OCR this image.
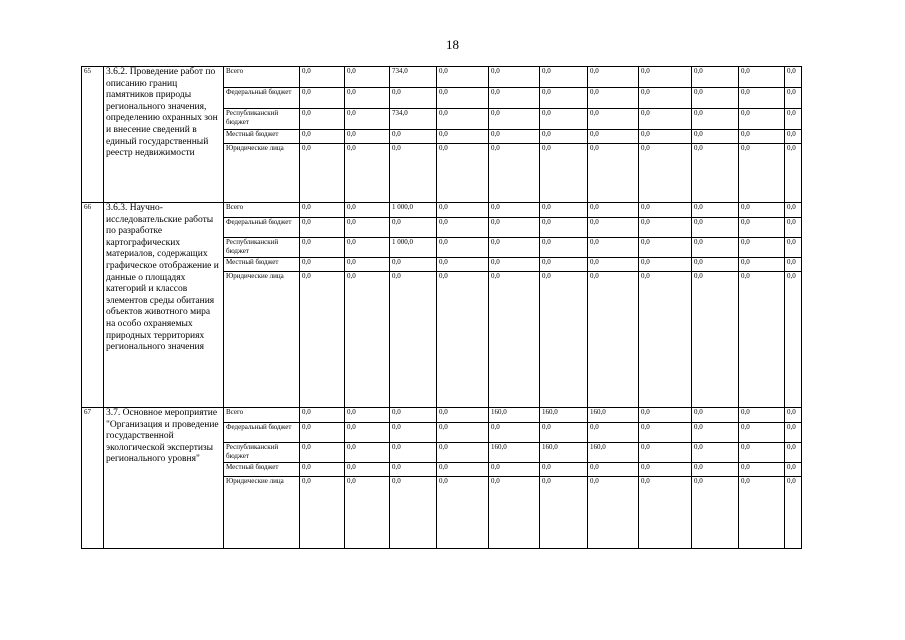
18
65	3.6.2. Проведение работ по описанию границ памятников природы регионального значения, определению охранных зон и внесение сведений в единый государственный реестр недвижимости	Всего	0,0	0,0	734,0	0,0	0,0	0,0	0,0	0,0	0,0	0,0	0,0	
		Федеральный бюджет	0,0	0,0	0,0	0,0	0,0	0,0	0,0	0,0	0,0	0,0	0,0	
		Республиканский бюджет	0,0	0,0	734,0	0,0	0,0	0,0	0,0	0,0	0,0	0,0	0,0	
		Местный бюджет	0,0	0,0	0,0	0,0	0,0	0,0	0,0	0,0	0,0	0,0	0,0	
		Юридические лица	0,0	0,0	0,0	0,0	0,0	0,0	0,0	0,0	0,0	0,0	0,0	
66	3.6.3. Научно-исследовательские работы по разработке картографических материалов, содержащих графическое отображение и данные о площадях категорий и классов элементов среды обитания объектов животного мира на особо охраняемых природных территориях регионального значения	Всего	0,0	0,0	1 000,0	0,0	0,0	0,0	0,0	0,0	0,0	0,0	0,0	
		Федеральный бюджет	0,0	0,0	0,0	0,0	0,0	0,0	0,0	0,0	0,0	0,0	0,0	
		Республиканский бюджет	0,0	0,0	1 000,0	0,0	0,0	0,0	0,0	0,0	0,0	0,0	0,0	
		Местный бюджет	0,0	0,0	0,0	0,0	0,0	0,0	0,0	0,0	0,0	0,0	0,0	
		Юридические лица	0,0	0,0	0,0	0,0	0,0	0,0	0,0	0,0	0,0	0,0	0,0	
67	3.7. Основное мероприятие "Организация и проведение государственной экологической экспертизы регионального уровня"	Всего	0,0	0,0	0,0	0,0	160,0	160,0	160,0	0,0	0,0	0,0	0,0	
		Федеральный бюджет	0,0	0,0	0,0	0,0	0,0	0,0	0,0	0,0	0,0	0,0	0,0	
		Республиканский бюджет	0,0	0,0	0,0	0,0	160,0	160,0	160,0	0,0	0,0	0,0	0,0	
		Местный бюджет	0,0	0,0	0,0	0,0	0,0	0,0	0,0	0,0	0,0	0,0	0,0	
		Юридические лица	0,0	0,0	0,0	0,0	0,0	0,0	0,0	0,0	0,0	0,0	0,0	
